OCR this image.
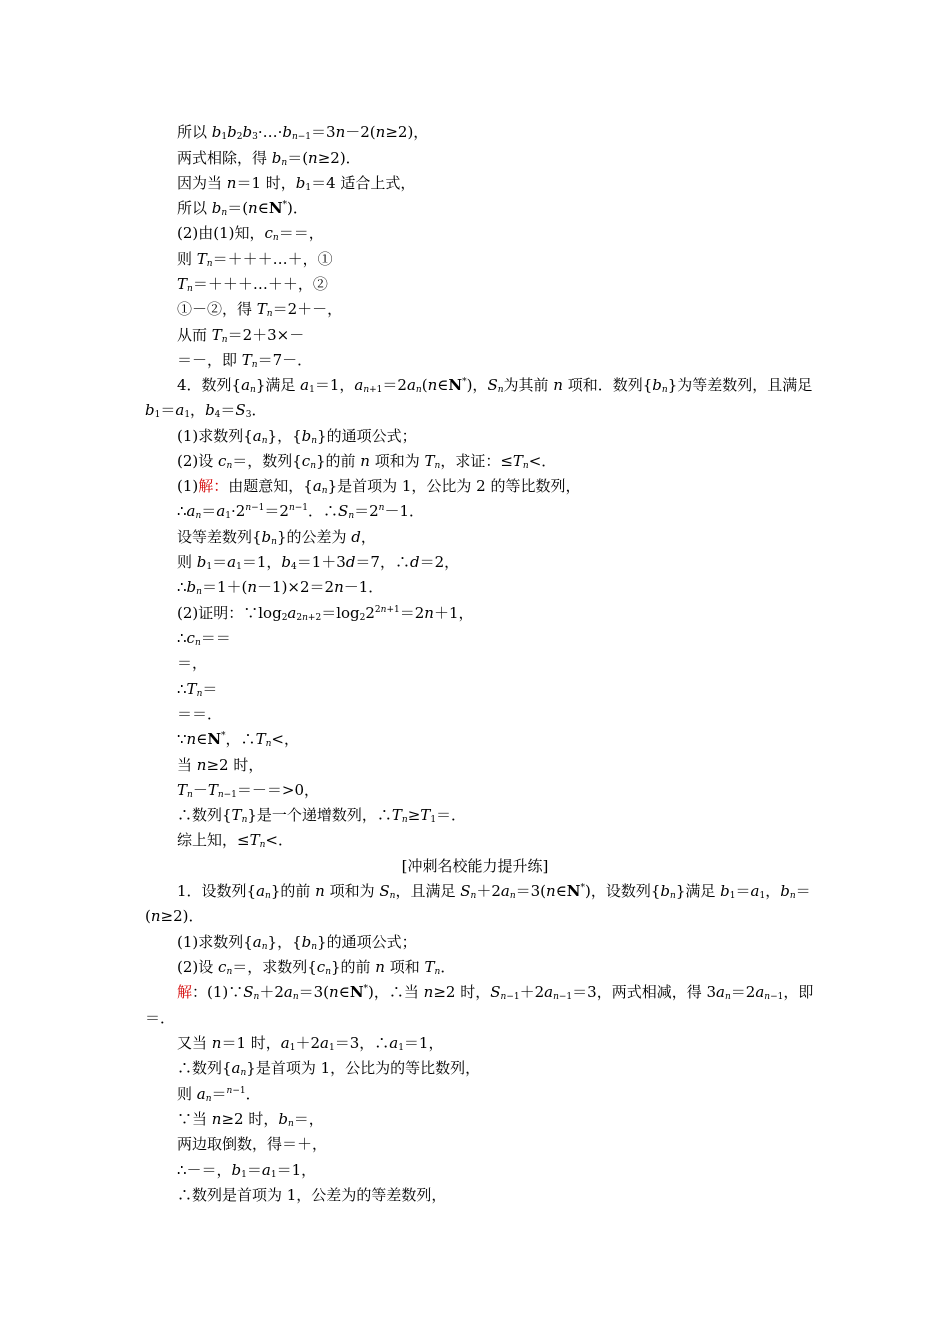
所以 $b_1b_2b_3\cdot\dots\cdot b_{n-1}=3n-2(n\ge 2)$，
两式相除，得 $b_n=(n\ge 2)$．
因为当 n＝1 时，$b_1=4$ 适合上式，
所以 $b_n=(n\in N^*)$．
(2)由(1)知，$c_n==$，
则 $T_n=+++\dots+$，①
$T_n=+++\dots++$，②
①－②，得 $T_n=2+-$，
从而 $T_n=2+3\times-$
＝－，即 $T_n=7-$．
4．数列$\{a_n\}$满足 $a_1=1$，$a_{n+1}=2a_n(n\in N^*)$，$S_n$为其前 n 项和．数列$\{b_n\}$为等差数列，且满足
$b_1=a_1$，$b_4=S_3$．
(1)求数列$\{a_n\}$，$\{b_n\}$的通项公式；
(2)设 $c_n=$，数列$\{c_n\}$的前 n 项和为 $T_n$，求证：$\le T_n<$．
(1)解：由题意知，$\{a_n\}$是首项为 1，公比为 2 的等比数列，
$\therefore a_n=a_1\cdot 2^{n-1}=2^{n-1}$．$\therefore S_n=2^n-1$．
设等差数列$\{b_n\}$的公差为 d，
则 $b_1=a_1=1$，$b_4=1+3d=7$，∴d＝2，
$\therefore b_n=1+(n-1)\times 2=2n-1$．
(2)证明：$\because\log_2a_{2n+2}=\log_22^{2n+1}=2n+1$，
$\therefore c_n==$
＝，
$\therefore T_n=$
＝＝．
∵n∈N*，$\therefore T_n<$，
当 n≥2 时，
$T_n-T_{n-1}=-=>0$，
∴数列$\{T_n\}$是一个递增数列，$\therefore T_n\ge T_1=$．
综上知，$\le T_n<$．
[冲刺名校能力提升练]
1．设数列$\{a_n\}$的前 n 项和为 $S_n$，且满足 $S_n+2a_n=3(n\in N^*)$，设数列$\{b_n\}$满足 $b_1=a_1$，$b_n=$
(n≥2)．
(1)求数列$\{a_n\}$，$\{b_n\}$的通项公式；
(2)设 $c_n=$，求数列$\{c_n\}$的前 n 项和 $T_n$．
解：$(1)\because S_n+2a_n=3(n\in N^*)$，∴当 n≥2 时，$S_{n-1}+2a_{n-1}=3$，两式相减，得 $3a_n=2a_{n-1}$，即
＝．
又当 n＝1 时，$a_1+2a_1=3$，$\therefore a_1=1$，
∴数列$\{a_n\}$是首项为 1，公比为的等比数列，
则 $a_n=^{n-1}$．
∵当 n≥2 时，$b_n=$，
两边取倒数，得＝＋，
∴－＝，$b_1=a_1=1$，
∴数列是首项为 1，公差为的等差数列，
